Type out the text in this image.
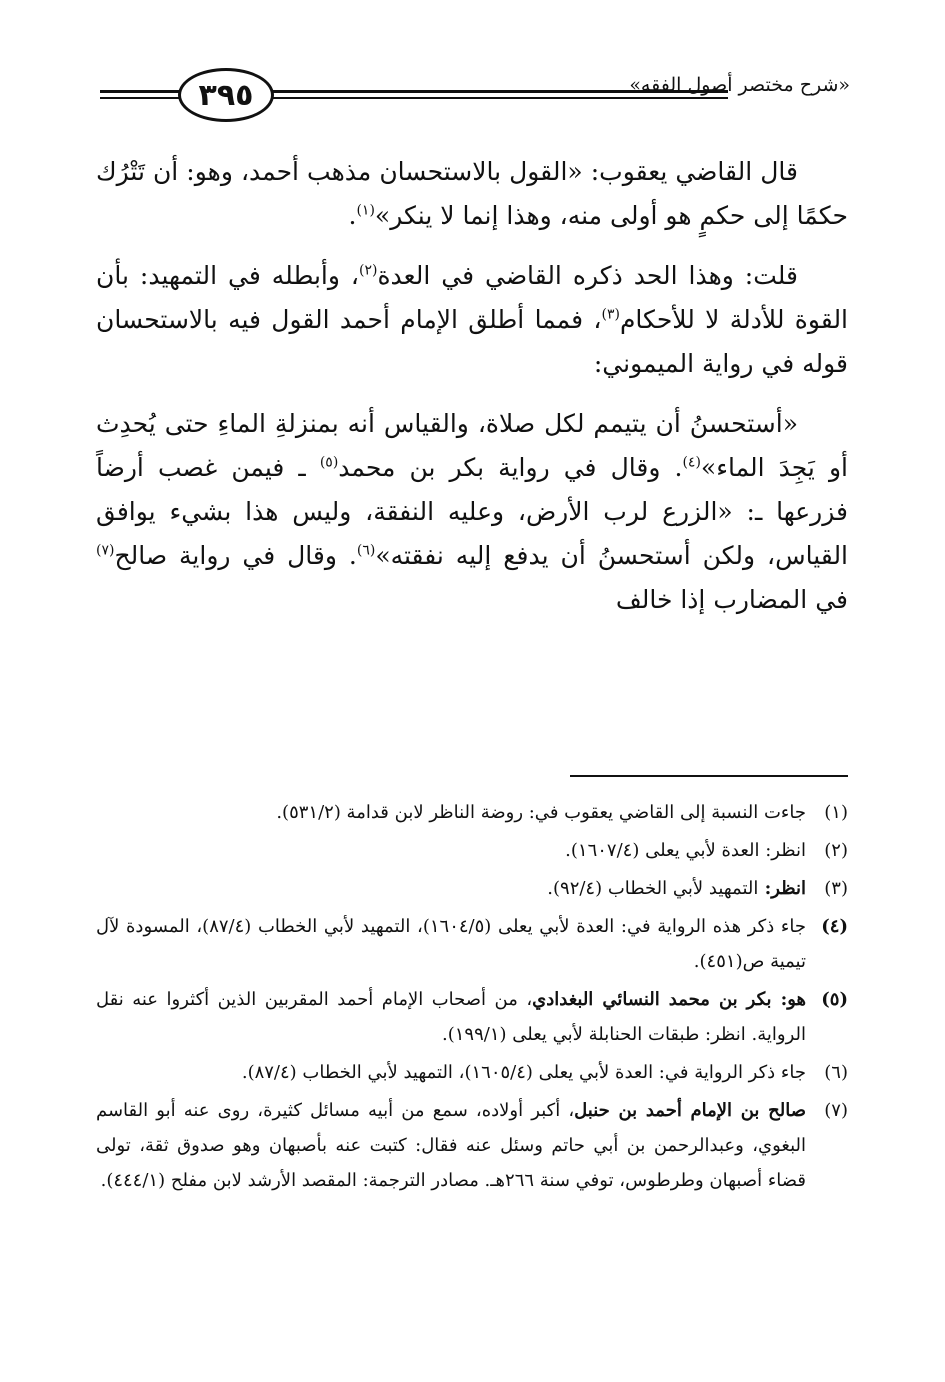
٣٩٥	«شرح مختصر أصول الفقه»

قال القاضي يعقوب: «القول بالاستحسان مذهب أحمد، وهو: أن تَتْرُك حكمًا إلى حكمٍ هو أولى منه، وهذا إنما لا ينكر»$^{(١)}$.

قلت: وهذا الحد ذكره القاضي في العدة$^{(٢)}$، وأبطله في التمهيد: بأن القوة للأدلة لا للأحكام$^{(٣)}$، فمما أطلق الإمام أحمد القول فيه بالاستحسان قوله في رواية الميموني:

«أستحسنُ أن يتيمم لكل صلاة، والقياس أنه بمنزلةِ الماءِ حتى يُحدِث أو يَجِدَ الماء»$^{(٤)}$. وقال في رواية بكر بن محمد$^{(٥)}$ ـ فيمن غصب أرضاً فزرعها ـ: «الزرع لرب الأرض، وعليه النفقة، وليس هذا بشيء يوافق القياس، ولكن أستحسنُ أن يدفع إليه نفقته»$^{(٦)}$. وقال في رواية صالح$^{(٧)}$ في المضارب إذا خالف

(١)
جاءت النسبة إلى القاضي يعقوب في: روضة الناظر لابن قدامة (٥٣١/٢).
(٢)
انظر: العدة لأبي يعلى (١٦٠٧/٤).
(٣)
انظر: التمهيد لأبي الخطاب (٩٢/٤).
(٤)
جاء ذكر هذه الرواية في: العدة لأبي يعلى (١٦٠٤/٥)، التمهيد لأبي الخطاب (٨٧/٤)، المسودة لآل تيمية ص(٤٥١).
(٥)
هو: بكر بن محمد النسائي البغدادي، من أصحاب الإمام أحمد المقربين الذين أكثروا عنه نقل الرواية. انظر: طبقات الحنابلة لأبي يعلى (١٩٩/١).
(٦)
جاء ذكر الرواية في: العدة لأبي يعلى (١٦٠٥/٤)، التمهيد لأبي الخطاب (٨٧/٤).
(٧)
صالح بن الإمام أحمد بن حنبل، أكبر أولاده، سمع من أبيه مسائل كثيرة، روى عنه أبو القاسم البغوي، وعبدالرحمن بن أبي حاتم وسئل عنه فقال: كتبت عنه بأصبهان وهو صدوق ثقة، تولى قضاء أصبهان وطرطوس، توفي سنة ٢٦٦هـ. مصادر الترجمة: المقصد الأرشد لابن مفلح (٤٤٤/١).
